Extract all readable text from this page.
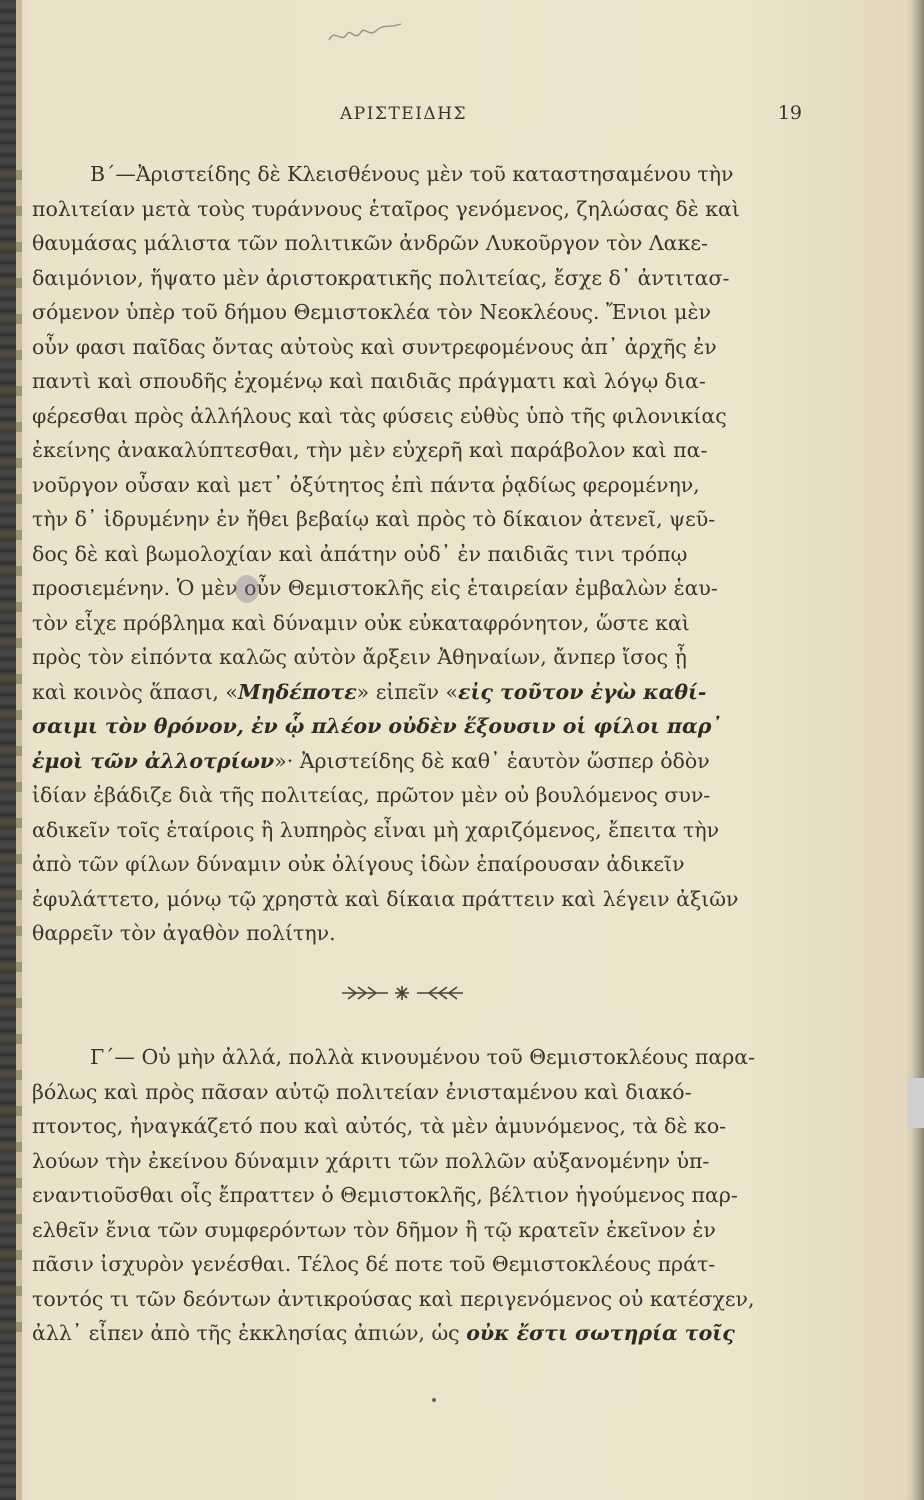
ΑΡΙΣΤΕΙΔΗΣ	19
Β΄—Ἀριστείδης δὲ Κλεισθένους μὲν τοῦ καταστησαμένου τὴν
πολιτείαν μετὰ τοὺς τυράννους ἑταῖρος γενόμενος, ζηλώσας δὲ καὶ
θαυμάσας μάλιστα τῶν πολιτικῶν ἀνδρῶν Λυκοῦργον τὸν Λακε-
δαιμόνιον, ἥψατο μὲν ἀριστοκρατικῆς πολιτείας, ἔσχε δ᾽ ἀντιτασ-
σόμενον ὑπὲρ τοῦ δήμου Θεμιστοκλέα τὸν Νεοκλέους. Ἔνιοι μὲν
οὖν φασι παῖδας ὄντας αὐτοὺς καὶ συντρεφομένους ἀπ᾽ ἀρχῆς ἐν
παντὶ καὶ σπουδῆς ἐχομένῳ καὶ παιδιᾶς πράγματι καὶ λόγῳ δια-
φέρεσθαι πρὸς ἀλλήλους καὶ τὰς φύσεις εὐθὺς ὑπὸ τῆς φιλονικίας
ἐκείνης ἀνακαλύπτεσθαι, τὴν μὲν εὐχερῆ καὶ παράβολον καὶ πα-
νοῦργον οὖσαν καὶ μετ᾽ ὀξύτητος ἐπὶ πάντα ῥᾳδίως φερομένην,
τὴν δ᾽ ἱδρυμένην ἐν ἤθει βεβαίῳ καὶ πρὸς τὸ δίκαιον ἀτενεῖ, ψεῦ-
δος δὲ καὶ βωμολοχίαν καὶ ἀπάτην οὐδ᾽ ἐν παιδιᾶς τινι τρόπῳ
προσιεμένην. Ὁ μὲν οὖν Θεμιστοκλῆς εἰς ἑταιρείαν ἐμβαλὼν ἑαυ-
τὸν εἶχε πρόβλημα καὶ δύναμιν οὐκ εὐκαταφρόνητον, ὥστε καὶ
πρὸς τὸν εἰπόντα καλῶς αὐτὸν ἄρξειν Ἀθηναίων, ἄνπερ ἴσος ᾖ
καὶ κοινὸς ἅπασι, «Μηδέποτε» εἰπεῖν «εἰς τοῦτον ἐγὼ καθί-
σαιμι τὸν θρόνον, ἐν ᾧ πλέον οὐδὲν ἕξουσιν οἱ φίλοι παρ᾽
ἐμοὶ τῶν ἀλλοτρίων»· Ἀριστείδης δὲ καθ᾽ ἑαυτὸν ὥσπερ ὁδὸν
ἰδίαν ἐβάδιζε διὰ τῆς πολιτείας, πρῶτον μὲν οὐ βουλόμενος συν-
αδικεῖν τοῖς ἑταίροις ἢ λυπηρὸς εἶναι μὴ χαριζόμενος, ἔπειτα τὴν
ἀπὸ τῶν φίλων δύναμιν οὐκ ὀλίγους ἰδὼν ἐπαίρουσαν ἀδικεῖν
ἐφυλάττετο, μόνῳ τῷ χρηστὰ καὶ δίκαια πράττειν καὶ λέγειν ἀξιῶν
θαρρεῖν τὸν ἀγαθὸν πολίτην.
Γ΄— Οὐ μὴν ἀλλά, πολλὰ κινουμένου τοῦ Θεμιστοκλέους παρα-
βόλως καὶ πρὸς πᾶσαν αὐτῷ πολιτείαν ἐνισταμένου καὶ διακό-
πτοντος, ἠναγκάζετό που καὶ αὐτός, τὰ μὲν ἀμυνόμενος, τὰ δὲ κο-
λούων τὴν ἐκείνου δύναμιν χάριτι τῶν πολλῶν αὐξανομένην ὑπ-
εναντιοῦσθαι οἷς ἔπραττεν ὁ Θεμιστοκλῆς, βέλτιον ἡγούμενος παρ-
ελθεῖν ἔνια τῶν συμφερόντων τὸν δῆμον ἢ τῷ κρατεῖν ἐκεῖνον ἐν
πᾶσιν ἰσχυρὸν γενέσθαι. Τέλος δέ ποτε τοῦ Θεμιστοκλέους πράτ-
τοντός τι τῶν δεόντων ἀντικρούσας καὶ περιγενόμενος οὐ κατέσχεν,
ἀλλ᾽ εἶπεν ἀπὸ τῆς ἐκκλησίας ἀπιών, ὡς οὐκ ἔστι σωτηρία τοῖς
